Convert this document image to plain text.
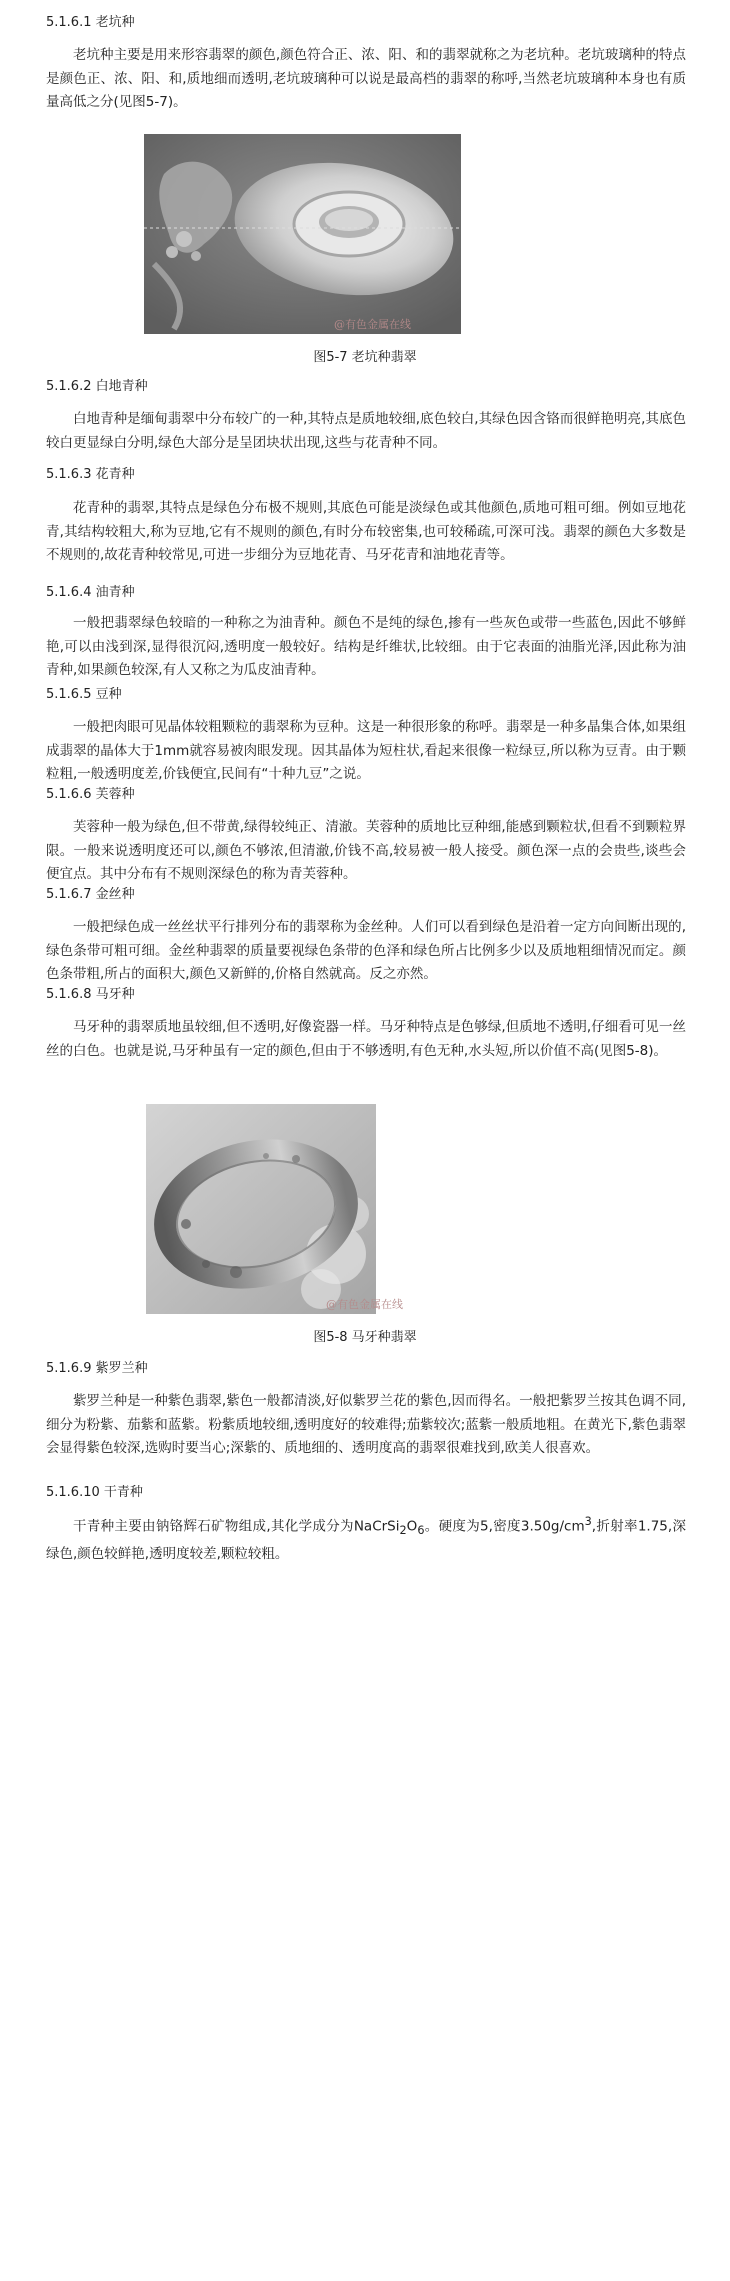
5.1.6.1 老坑种
老坑种主要是用来形容翡翠的颜色,颜色符合正、浓、阳、和的翡翠就称之为老坑种。老坑玻璃种的特点是颜色正、浓、阳、和,质地细而透明,老坑玻璃种可以说是最高档的翡翠的称呼,当然老坑玻璃种本身也有质量高低之分(见图5-7)。
@有色金属在线
图5-7 老坑种翡翠
5.1.6.2 白地青种
白地青种是缅甸翡翠中分布较广的一种,其特点是质地较细,底色较白,其绿色因含铬而很鲜艳明亮,其底色较白更显绿白分明,绿色大部分是呈团块状出现,这些与花青种不同。
5.1.6.3 花青种
花青种的翡翠,其特点是绿色分布极不规则,其底色可能是淡绿色或其他颜色,质地可粗可细。例如豆地花青,其结构较粗大,称为豆地,它有不规则的颜色,有时分布较密集,也可较稀疏,可深可浅。翡翠的颜色大多数是不规则的,故花青种较常见,可进一步细分为豆地花青、马牙花青和油地花青等。
5.1.6.4 油青种
一般把翡翠绿色较暗的一种称之为油青种。颜色不是纯的绿色,掺有一些灰色或带一些蓝色,因此不够鲜艳,可以由浅到深,显得很沉闷,透明度一般较好。结构是纤维状,比较细。由于它表面的油脂光泽,因此称为油青种,如果颜色较深,有人又称之为瓜皮油青种。
5.1.6.5 豆种
一般把肉眼可见晶体较粗颗粒的翡翠称为豆种。这是一种很形象的称呼。翡翠是一种多晶集合体,如果组成翡翠的晶体大于1mm就容易被肉眼发现。因其晶体为短柱状,看起来很像一粒绿豆,所以称为豆青。由于颗粒粗,一般透明度差,价钱便宜,民间有“十种九豆”之说。
5.1.6.6 芙蓉种
芙蓉种一般为绿色,但不带黄,绿得较纯正、清澈。芙蓉种的质地比豆种细,能感到颗粒状,但看不到颗粒界限。一般来说透明度还可以,颜色不够浓,但清澈,价钱不高,较易被一般人接受。颜色深一点的会贵些,谈些会便宜点。其中分布有不规则深绿色的称为青芙蓉种。
5.1.6.7 金丝种
一般把绿色成一丝丝状平行排列分布的翡翠称为金丝种。人们可以看到绿色是沿着一定方向间断出现的,绿色条带可粗可细。金丝种翡翠的质量要视绿色条带的色泽和绿色所占比例多少以及质地粗细情况而定。颜色条带粗,所占的面积大,颜色又新鲜的,价格自然就高。反之亦然。
5.1.6.8 马牙种
马牙种的翡翠质地虽较细,但不透明,好像瓷器一样。马牙种特点是色够绿,但质地不透明,仔细看可见一丝丝的白色。也就是说,马牙种虽有一定的颜色,但由于不够透明,有色无种,水头短,所以价值不高(见图5-8)。
@有色金属在线
图5-8 马牙种翡翠
5.1.6.9 紫罗兰种
紫罗兰种是一种紫色翡翠,紫色一般都清淡,好似紫罗兰花的紫色,因而得名。一般把紫罗兰按其色调不同,细分为粉紫、茄紫和蓝紫。粉紫质地较细,透明度好的较难得;茄紫较次;蓝紫一般质地粗。在黄光下,紫色翡翠会显得紫色较深,选购时要当心;深紫的、质地细的、透明度高的翡翠很难找到,欧美人很喜欢。
5.1.6.10 干青种
干青种主要由钠铬辉石矿物组成,其化学成分为$NaCrSi_2O_6$。硬度为5,密度$3.50g/cm^3$,折射率1.75,深绿色,颜色较鲜艳,透明度较差,颗粒较粗。
